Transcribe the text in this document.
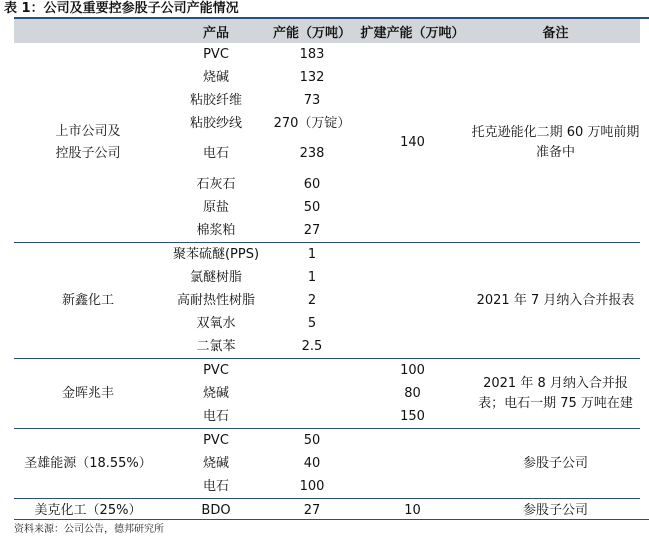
表 1：公司及重要控参股子公司产能情况
	产品	产能（万吨）	扩建产能（万吨）	备注
上市公司及
控股子公司	PVC	183	140	托克逊能化二期 60 万吨前期准备中
	烧碱	132		
	粘胶纤维	73		
	粘胶纱线	270（万锭）		
	电石	238		
	石灰石	60		
	原盐	50		
	棉浆粕	27		
新鑫化工	聚苯硫醚(PPS)	1		2021 年 7 月纳入合并报表
	氯醚树脂	1		
	高耐热性树脂	2		
	双氧水	5		
	二氯苯	2.5		
金晖兆丰	PVC		100	2021 年 8 月纳入合并报表；电石一期 75 万吨在建
	烧碱		80	
	电石		150	
圣雄能源（18.55%）	PVC	50		参股子公司
	烧碱	40		
	电石	100		
美克化工（25%）	BDO	27	10	参股子公司
资料来源：公司公告，德邦研究所
